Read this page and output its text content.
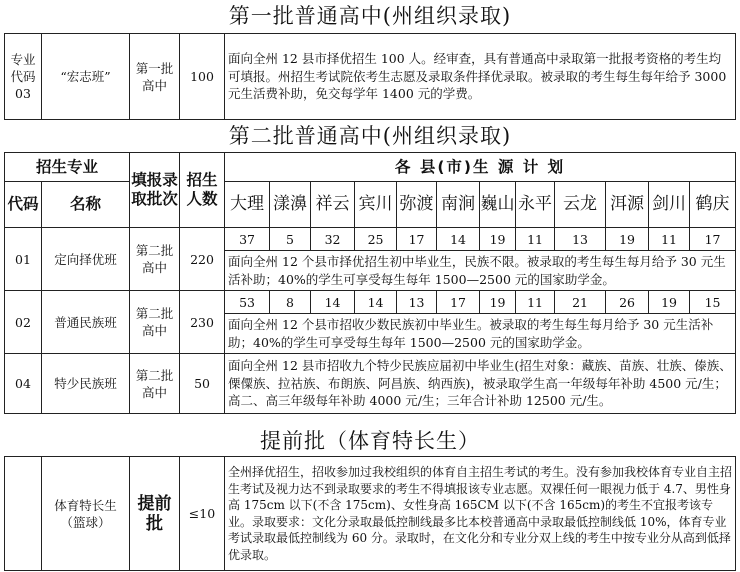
第一批普通高中(州组织录取)
专业代码03	“宏志班”	第一批高中	100	面向全州 12 县市择优招生 100 人。经审查，具有普通高中录取第一批报考资格的考生均可填报。州招生考试院依考生志愿及录取条件择优录取。被录取的考生每生每年给予 3000 元生活费补助，免交每学年 1400 元的学费。
第二批普通高中(州组织录取)
招生专业		填报录取批次	招生人数	各 县(市)生 源 计 划											
代码	名称			大理	漾濞	祥云	宾川	弥渡	南涧	巍山	永平	云龙	洱源	剑川	鹤庆
01	定向择优班	第二批高中	220	37	5	32	25	17	14	19	11	13	19	11	17
				面向全州 12 个县市择优招生初中毕业生，民族不限。被录取的考生每生每月给予 30 元生活补助；40%的学生可享受每生每年 1500—2500 元的国家助学金。											
02	普通民族班	第二批高中	230	53	8	14	14	13	17	19	11	21	26	19	15
				面向全州 12 个县市招收少数民族初中毕业生。被录取的考生每生每月给予 30 元生活补助；40%的学生可享受每生每年 1500—2500 元的国家助学金。											
04	特少民族班	第二批高中	50	面向全州 12 县市招收九个特少民族应届初中毕业生(招生对象：藏族、苗族、壮族、傣族、傈僳族、拉祜族、布朗族、阿昌族、纳西族)，被录取学生高一年级每年补助 4500 元/生；高二、高三年级每年补助 4000 元/生；三年合计补助 12500 元/生。											
提前批（体育特长生）
	体育特长生（篮球）	提前批	≤10	全州择优招生，招收参加过我校组织的体育自主招生考试的考生。没有参加我校体育专业自主招生考试及视力达不到录取要求的考生不得填报该专业志愿。双裸任何一眼视力低于 4.7、男性身高 175cm 以下(不含 175cm)、女性身高 165CM 以下(不含 165cm)的考生不宜报考该专业。录取要求：文化分录取最低控制线最多比本校普通高中录取最低控制线低 10%，体育专业考试录取最低控制线为 60 分。录取时，在文化分和专业分双上线的考生中按专业分从高到低择优录取。
